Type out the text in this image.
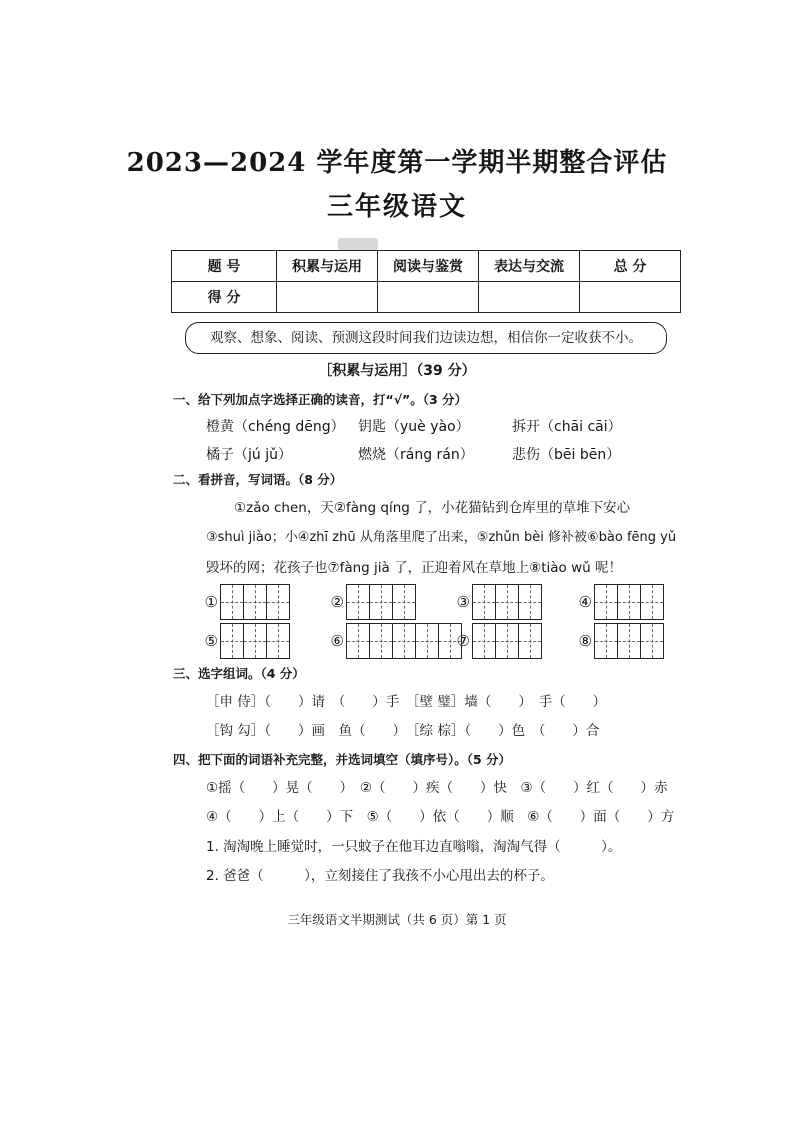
2023—2024 学年度第一学期半期整合评估
三年级语文
题 号	积累与运用	阅读与鉴赏	表达与交流	总 分
得 分				
观察、想象、阅读、预测这段时间我们边读边想，相信你一定收获不小。
［积累与运用］（39 分）
一、给下列加点字选择正确的读音，打“√”。（3 分）
橙黄（chéng dēng） 钥匙（yuè yào）	拆开（chāi cāi）
橘子（jú jǔ）	燃烧（ráng rán）	悲伤（bēi bēn）
二、看拼音，写词语。（8 分）
①zǎo chen，天②fàng qíng 了，小花猫钻到仓库里的草堆下安心
③shuì jiào；小④zhī zhū 从角落里爬了出来，⑤zhǔn bèi 修补被⑥bào fēng yǔ
毁坏的网；花孩子也⑦fàng jià 了，正迎着风在草地上⑧tiào wǔ 呢！
①	②	③	④
⑤	⑥	⑦	⑧
三、选字组词。（4 分）
［申 侍］（　　）请　（　　）手　［壁 璧］墙（　　）　手（　　）
［钩 勾］（　　）画　鱼（　　）　［综 棕］（　　）色　（　　）合
四、把下面的词语补充完整，并选词填空（填序号）。（5 分）
①摇（　　）晃（　　）　②（　　）疾（　　）快　③（　　）红（　　）赤
④（　　）上（　　）下　⑤（　　）依（　　）顺　⑥（　　）面（　　）方
1. 淘淘晚上睡觉时，一只蚊子在他耳边直嗡嗡，淘淘气得（　　　）。
2. 爸爸（　　　），立刻接住了我孩不小心甩出去的杯子。
三年级语文半期测试（共 6 页）第 1 页
